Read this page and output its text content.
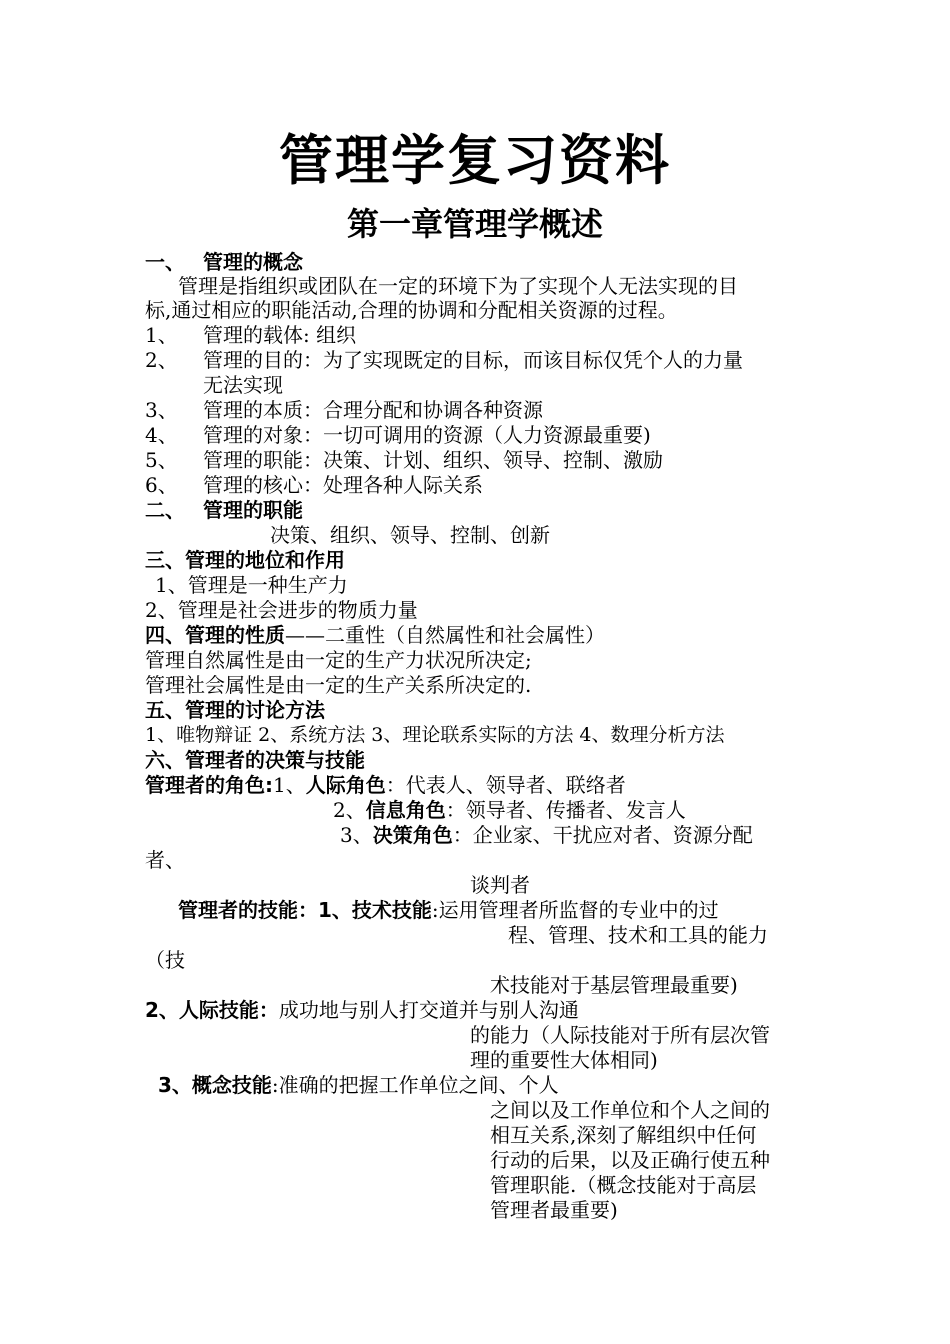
管理学复习资料
第一章管理学概述
一、 管理的概念
管理是指组织或团队在一定的环境下为了实现个人无法实现的目
标,通过相应的职能活动,合理的协调和分配相关资源的过程。
1、 管理的载体: 组织
2、 管理的目的：为了实现既定的目标，而该目标仅凭个人的力量
无法实现
3、 管理的本质：合理分配和协调各种资源
4、 管理的对象：一切可调用的资源（人力资源最重要)
5、 管理的职能：决策、计划、组织、领导、控制、激励
6、 管理的核心：处理各种人际关系
二、 管理的职能
决策、组织、领导、控制、创新
三、管理的地位和作用
1、管理是一种生产力
2、管理是社会进步的物质力量
四、管理的性质——二重性（自然属性和社会属性）
管理自然属性是由一定的生产力状况所决定;
管理社会属性是由一定的生产关系所决定的.
五、管理的讨论方法
1、唯物辩证 2、系统方法 3、理论联系实际的方法 4、数理分析方法
六、管理者的决策与技能
管理者的角色:1、人际角色：代表人、领导者、联络者
2、信息角色：领导者、传播者、发言人
3、决策角色：企业家、干扰应对者、资源分配
者、
谈判者
管理者的技能：1、技术技能:运用管理者所监督的专业中的过
程、管理、技术和工具的能力
（技
术技能对于基层管理最重要)
2、人际技能：成功地与别人打交道并与别人沟通
的能力（人际技能对于所有层次管
理的重要性大体相同)
3、概念技能:准确的把握工作单位之间、个人
之间以及工作单位和个人之间的
相互关系,深刻了解组织中任何
行动的后果，以及正确行使五种
管理职能.（概念技能对于高层
管理者最重要)
